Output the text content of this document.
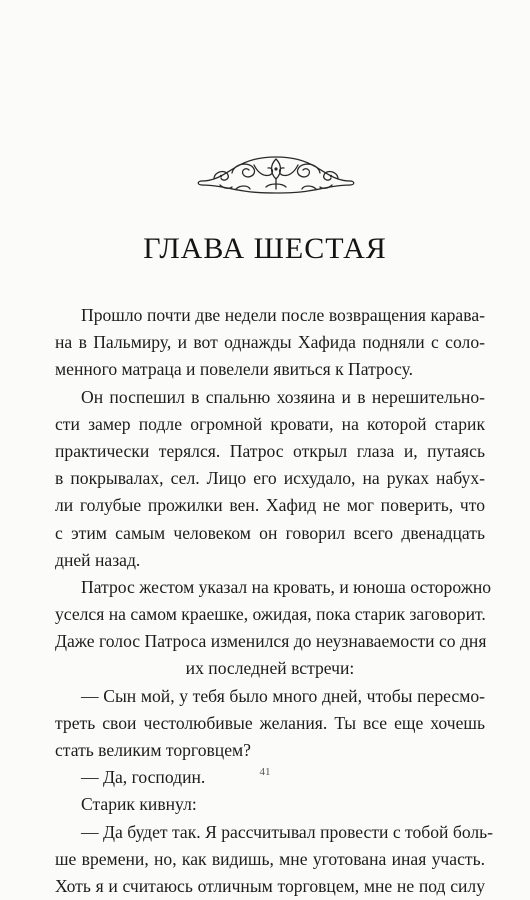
ГЛАВА ШЕСТАЯ
Прошло почти две недели после возвращения карава-
на в Пальмиру, и вот однажды Хафида подняли с соло-
менного матраца и повелели явиться к Патросу.
Он поспешил в спальню хозяина и в нерешительно-
сти замер подле огромной кровати, на которой старик
практически терялся. Патрос открыл глаза и, путаясь
в покрывалах, сел. Лицо его исхудало, на руках набух-
ли голубые прожилки вен. Хафид не мог поверить, что
с этим самым человеком он говорил всего двенадцать
дней назад.
Патрос жестом указал на кровать, и юноша осторожно
уселся на самом краешке, ожидая, пока старик заговорит.
Даже голос Патроса изменился до неузнаваемости со дня
их последней встречи:
— Сын мой, у тебя было много дней, чтобы пересмо-
треть свои честолюбивые желания. Ты все еще хочешь
стать великим торговцем?
— Да, господин.
Старик кивнул:
— Да будет так. Я рассчитывал провести с тобой боль-
ше времени, но, как видишь, мне уготована иная участь.
Хоть я и считаюсь отличным торговцем, мне не под силу
41
